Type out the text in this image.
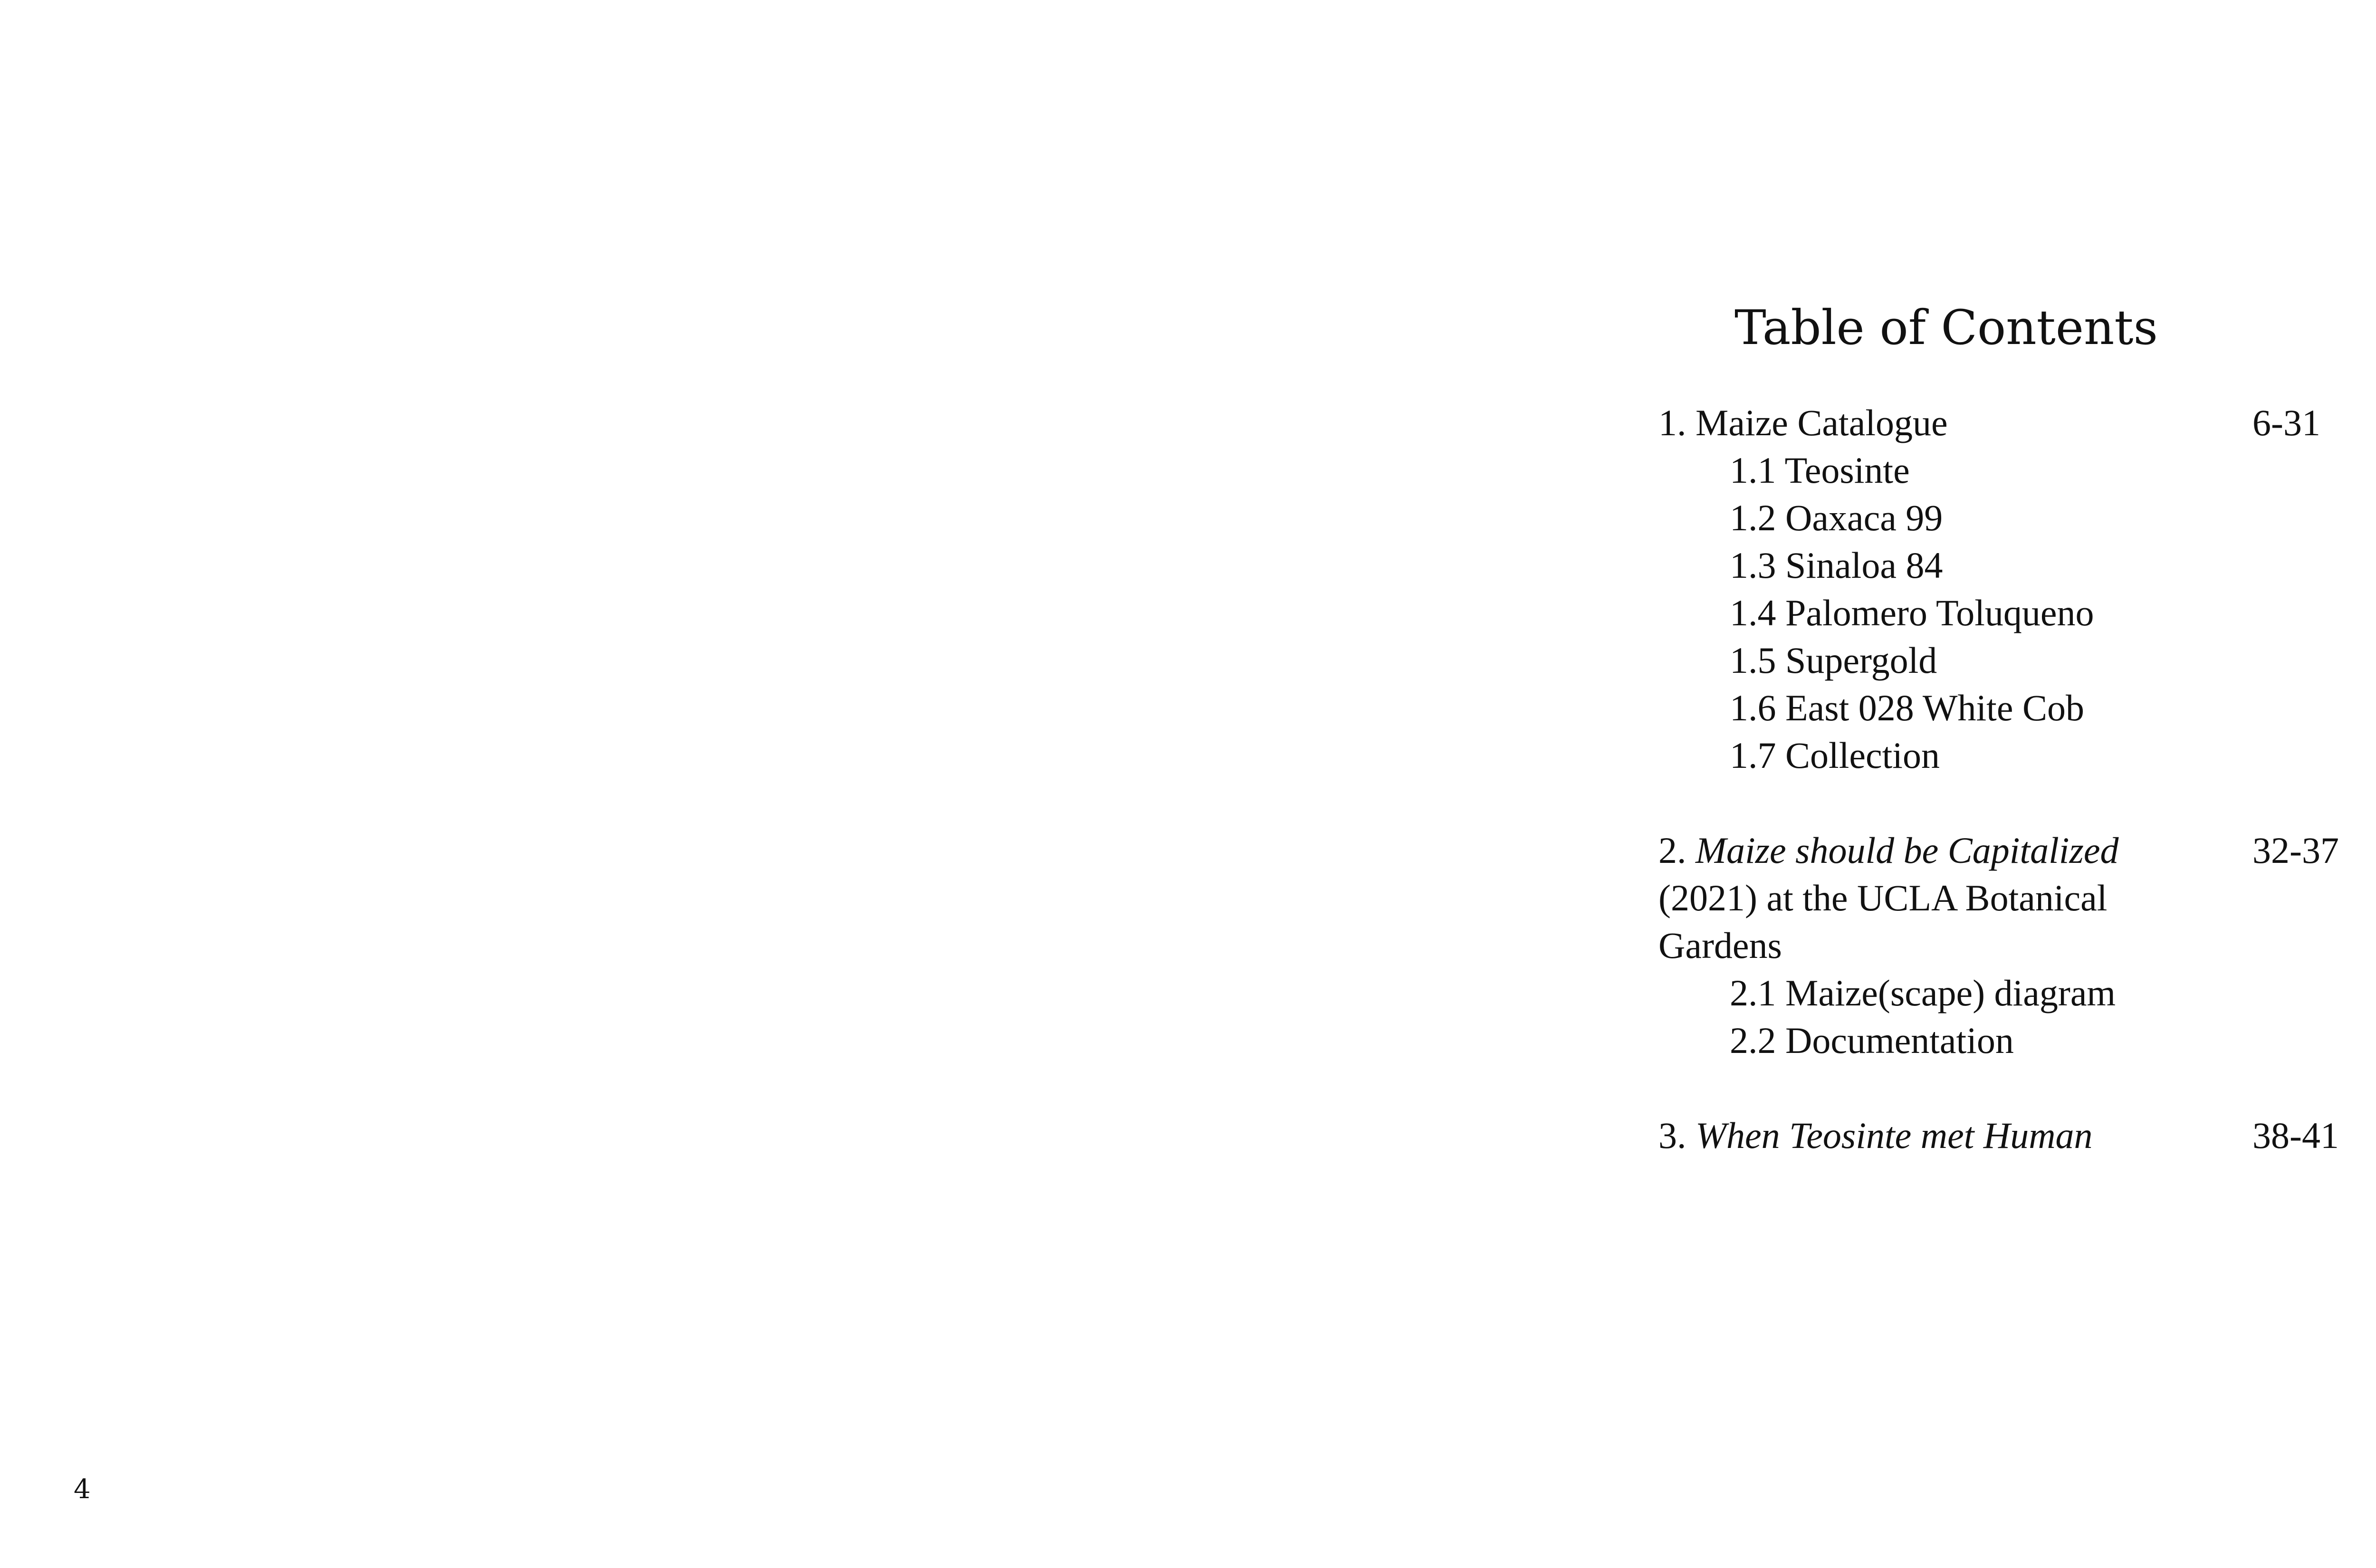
4
Table of Contents
1. Maize Catalogue	6-31
1.1 Teosinte
1.2 Oaxaca 99
1.3 Sinaloa 84
1.4 Palomero Toluqueno
1.5 Supergold
1.6 East 028 White Cob
1.7 Collection
2. Maize should be Capitalized (2021) at the UCLA Botanical Gardens
32-37
2.1 Maize(scape) diagram
2.2 Documentation
3. When Teosinte met Human	38-41
